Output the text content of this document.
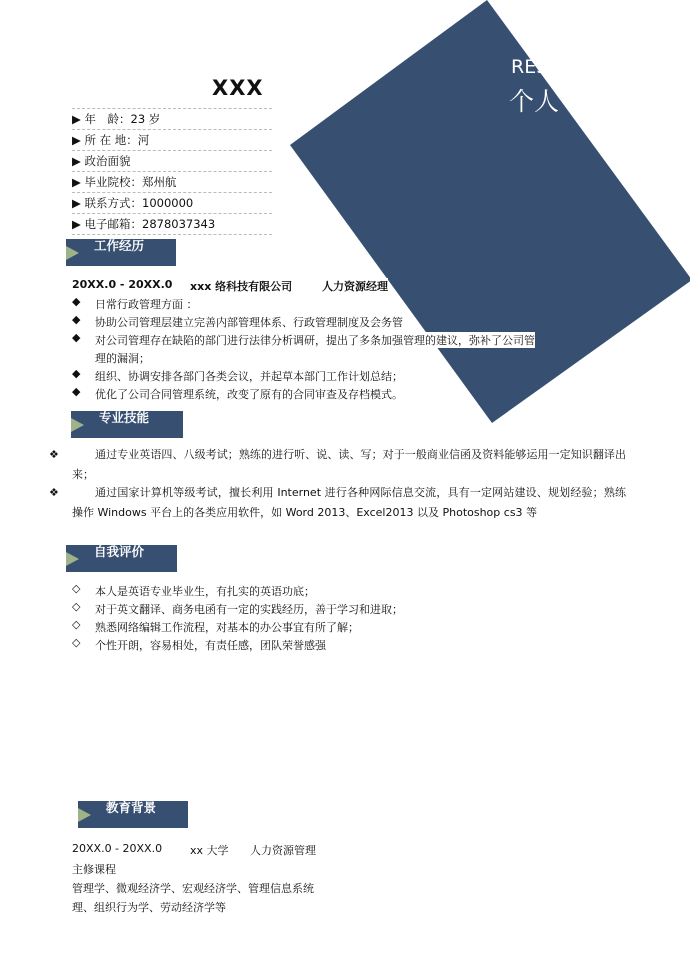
XXX
▶ 年　龄：23 岁
▶ 所 在 地：河
▶ 政治面貌
▶ 毕业院校：郑州航
▶ 联系方式：1000000
▶ 电子邮箱：2878037343
工作经历
20XX.0 - 20XX.0 xxx 络科技有限公司	人力资源经理
◆ 日常行政管理方面 ：
◆ 协助公司管理层建立完善内部管理体系、行政管理制度及会务管
◆ 对公司管理存在缺陷的部门进行法律分析调研，提出了多条加强管理的建议，弥补了公司管
理的漏洞；
◆ 组织、协调安排各部门各类会议，并起草本部门工作计划总结；
◆ 优化了公司合同管理系统，改变了原有的合同审查及存档模式。
专业技能
❖	通过专业英语四、八级考试；熟练的进行听、说、读、写；对于一般商业信函及资料能够运用一定知识翻译出来；
❖	通过国家计算机等级考试，擅长利用 Internet 进行各种网际信息交流，具有一定网站建设、规划经验；熟练操作 Windows 平台上的各类应用软件，如 Word 2013、Excel2013 以及 Photoshop cs3 等
自我评价
◇ 本人是英语专业毕业生，有扎实的英语功底；
◇ 对于英文翻译、商务电函有一定的实践经历，善于学习和进取；
◇ 熟悉网络编辑工作流程，对基本的办公事宜有所了解；
◇ 个性开朗，容易相处，有责任感，团队荣誉感强
教育背景
20XX.0 - 20XX.0	xx 大学 人力资源管理
主修课程
管理学、微观经济学、宏观经济学、管理信息系统
理、组织行为学、劳动经济学等
RES
个人
